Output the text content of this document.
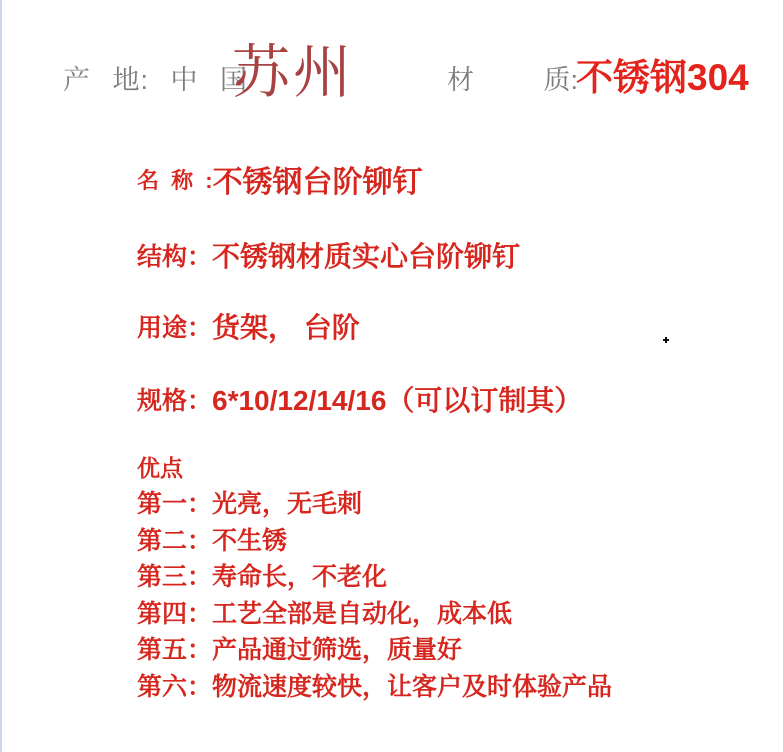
产 地: 中 国
苏州	材 质:
不锈钢304
名 称 : 不锈钢台阶铆钉
结构： 不锈钢材质实心台阶铆钉
用途： 货架， 台阶
规格： 6*10/12/14/16（可以订制其）
优点
第一：光亮，无毛刺
第二：不生锈
第三：寿命长，不老化
第四：工艺全部是自动化，成本低
第五：产品通过筛选，质量好
第六：物流速度较快，让客户及时体验产品
